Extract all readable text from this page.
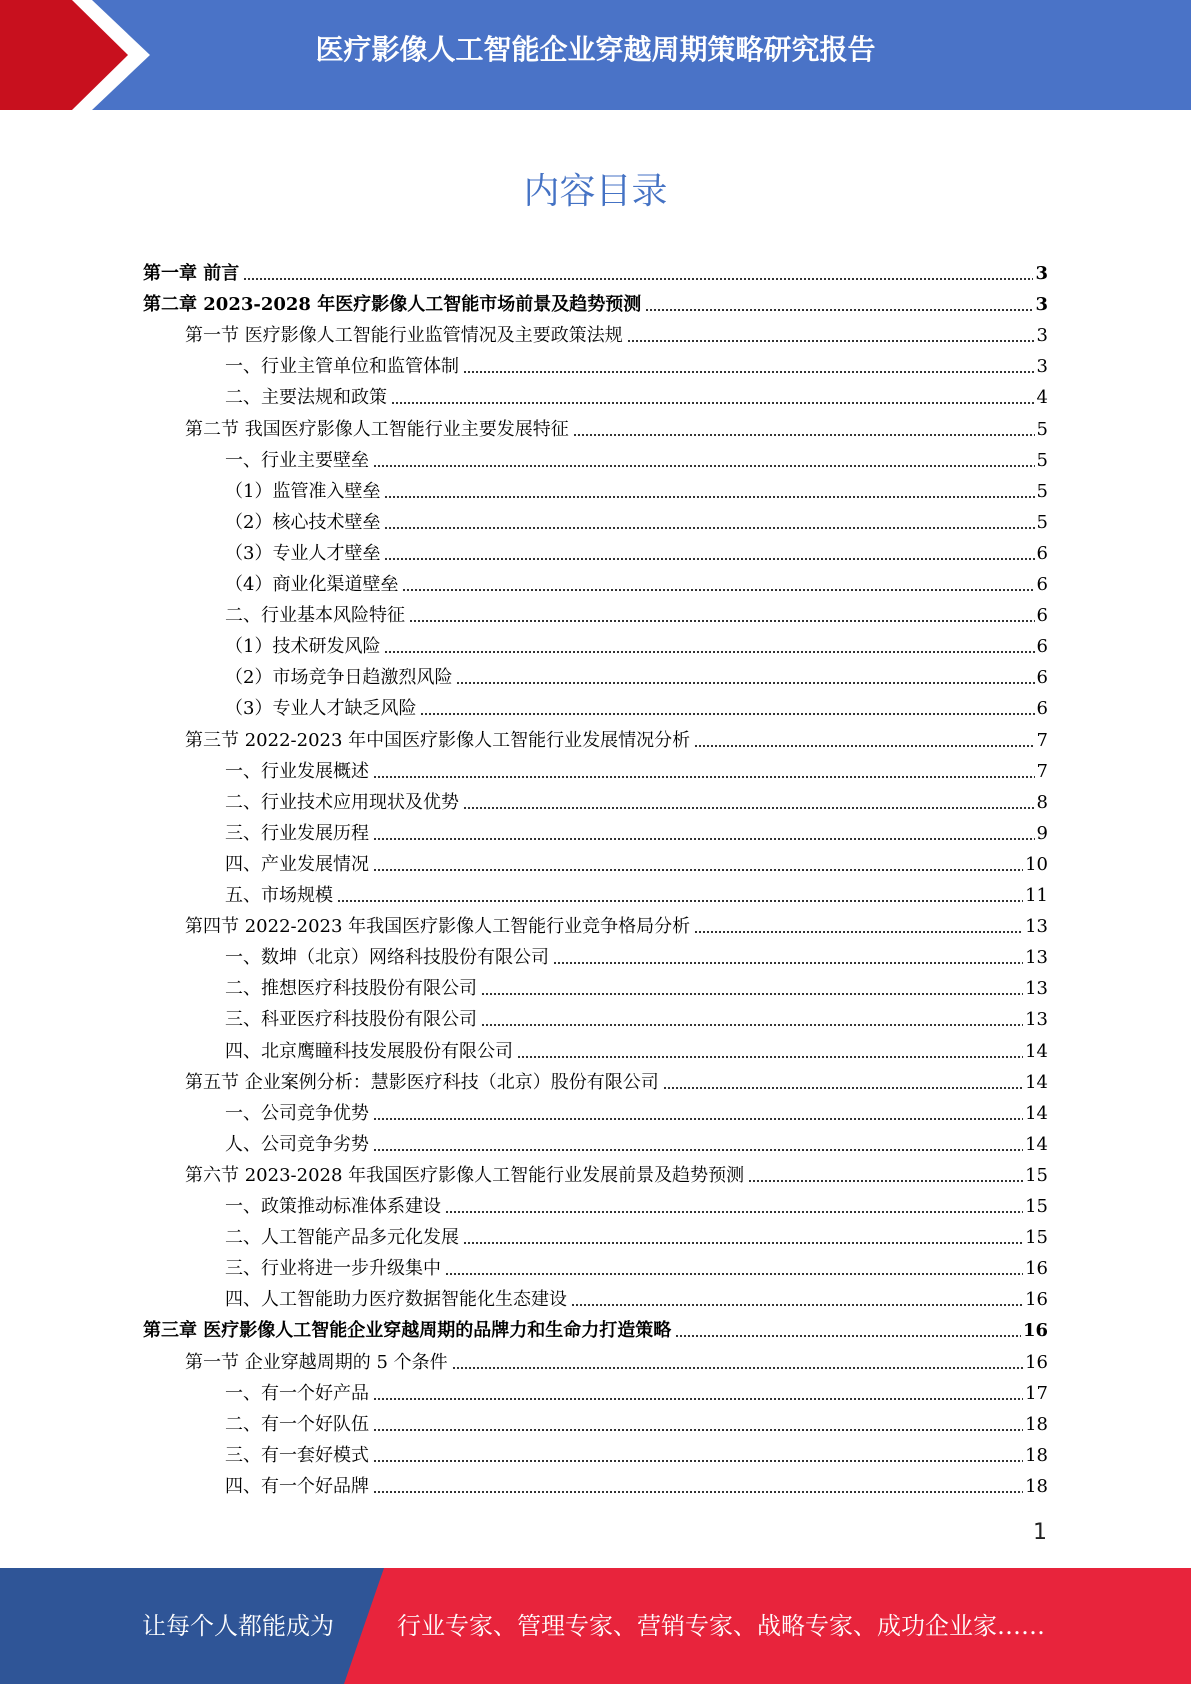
医疗影像人工智能企业穿越周期策略研究报告
内容目录
第一章 前言	3
第二章 2023-2028 年医疗影像人工智能市场前景及趋势预测	3
第一节 医疗影像人工智能行业监管情况及主要政策法规	3
一、行业主管单位和监管体制	3
二、主要法规和政策	4
第二节 我国医疗影像人工智能行业主要发展特征	5
一、行业主要壁垒	5
（1）监管准入壁垒	5
（2）核心技术壁垒	5
（3）专业人才壁垒	6
（4）商业化渠道壁垒	6
二、行业基本风险特征	6
（1）技术研发风险	6
（2）市场竞争日趋激烈风险	6
（3）专业人才缺乏风险	6
第三节 2022-2023 年中国医疗影像人工智能行业发展情况分析	7
一、行业发展概述	7
二、行业技术应用现状及优势	8
三、行业发展历程	9
四、产业发展情况	10
五、市场规模	11
第四节 2022-2023 年我国医疗影像人工智能行业竞争格局分析	13
一、数坤（北京）网络科技股份有限公司	13
二、推想医疗科技股份有限公司	13
三、科亚医疗科技股份有限公司	13
四、北京鹰瞳科技发展股份有限公司	14
第五节 企业案例分析：慧影医疗科技（北京）股份有限公司	14
一、公司竞争优势	14
人、公司竞争劣势	14
第六节 2023-2028 年我国医疗影像人工智能行业发展前景及趋势预测	15
一、政策推动标准体系建设	15
二、人工智能产品多元化发展	15
三、行业将进一步升级集中	16
四、人工智能助力医疗数据智能化生态建设	16
第三章 医疗影像人工智能企业穿越周期的品牌力和生命力打造策略	16
第一节 企业穿越周期的 5 个条件	16
一、有一个好产品	17
二、有一个好队伍	18
三、有一套好模式	18
四、有一个好品牌	18
1
让每个人都能成为	行业专家、管理专家、营销专家、战略专家、成功企业家……
